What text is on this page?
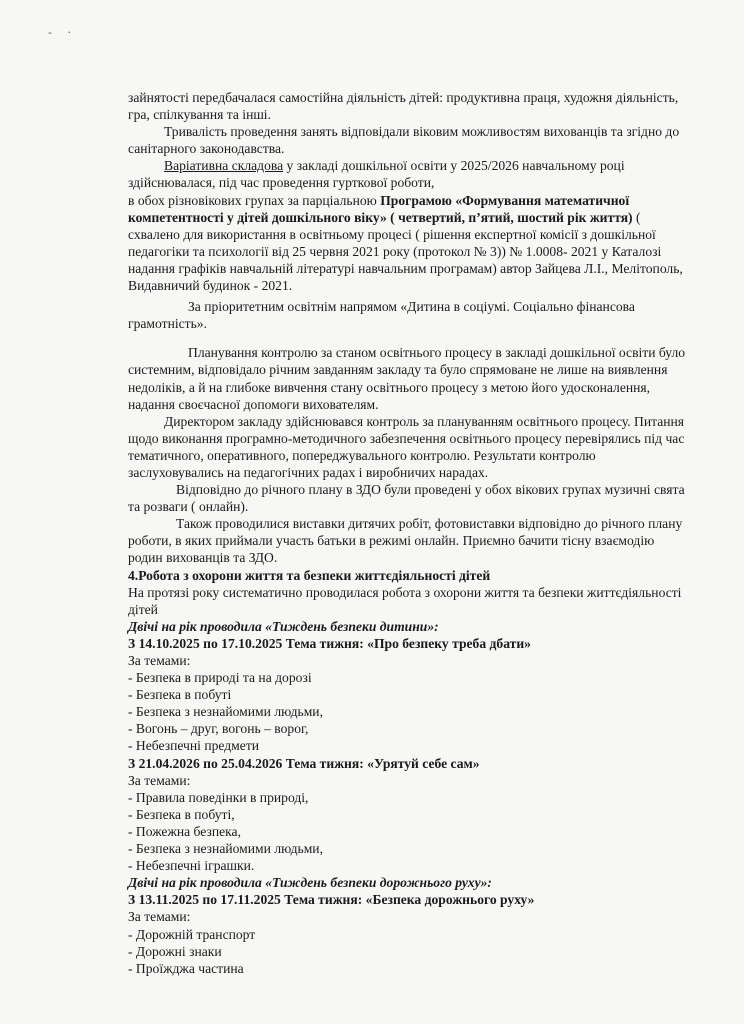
- ·

зайнятості передбачалася самостійна діяльність дітей: продуктивна праця, художня діяльність, гра, спілкування та інші.

Тривалість проведення занять відповідали віковим можливостям вихованців та згідно до санітарного законодавства.

Варіативна складова у закладі дошкільної освіти у 2025/2026 навчальному році здійснювалася, під час проведення гурткової роботи,

в обох різновікових групах за парціальною Програмою «Формування математичної компетентності у дітей дошкільного віку» ( четвертий, п’ятий, шостий рік життя) ( схвалено для використання в освітньому процесі ( рішення експертної комісії з дошкільної педагогіки та психології від 25 червня 2021 року (протокол № 3)) № 1.0008- 2021 у Каталозі надання графіків навчальній літературі навчальним програмам) автор Зайцева Л.І., Мелітополь, Видавничий будинок - 2021.

За пріоритетним освітнім напрямом «Дитина в соціумі. Соціально фінансова грамотність».

Планування контролю за станом освітнього процесу в закладі дошкільної освіти було системним, відповідало річним завданням закладу та було спрямоване не лише на виявлення недоліків, а й на глибоке вивчення стану освітнього процесу з метою його удосконалення, надання своєчасної допомоги вихователям.

Директором закладу здійснювався контроль за плануванням освітнього процесу. Питання щодо виконання програмно-методичного забезпечення освітнього процесу перевірялись під час тематичного, оперативного, попереджувального контролю. Результати контролю заслуховувались на педагогічних радах і виробничих нарадах.

Відповідно до річного плану в ЗДО були проведені у обох вікових групах музичні свята та розваги ( онлайн).

Також проводилися виставки дитячих робіт, фотовиставки відповідно до річного плану роботи, в яких приймали участь батьки в режимі онлайн. Приємно бачити тісну взаємодію родин вихованців та ЗДО.

4.Робота з охорони життя та безпеки життєдіяльності дітей

На протязі року систематично проводилася робота з охорони життя та безпеки життєдіяльності дітей

Двічі на рік проводила «Тиждень безпеки дитини»:

З 14.10.2025 по 17.10.2025 Тема тижня: «Про безпеку треба дбати»

За темами:

- Безпека в природі та на дорозі

- Безпека в побуті

- Безпека з незнайомими людьми,

- Вогонь – друг, вогонь – ворог,

- Небезпечні предмети

З 21.04.2026 по 25.04.2026 Тема тижня: «Урятуй себе сам»

За темами:

- Правила поведінки в природі,

- Безпека в побуті,

- Пожежна безпека,

- Безпека з незнайомими людьми,

- Небезпечні іграшки.

Двічі на рік проводила «Тиждень безпеки дорожнього руху»:

З 13.11.2025 по 17.11.2025 Тема тижня: «Безпека дорожнього руху»

За темами:

- Дорожній транспорт

- Дорожні знаки

- Проїжджа частина
